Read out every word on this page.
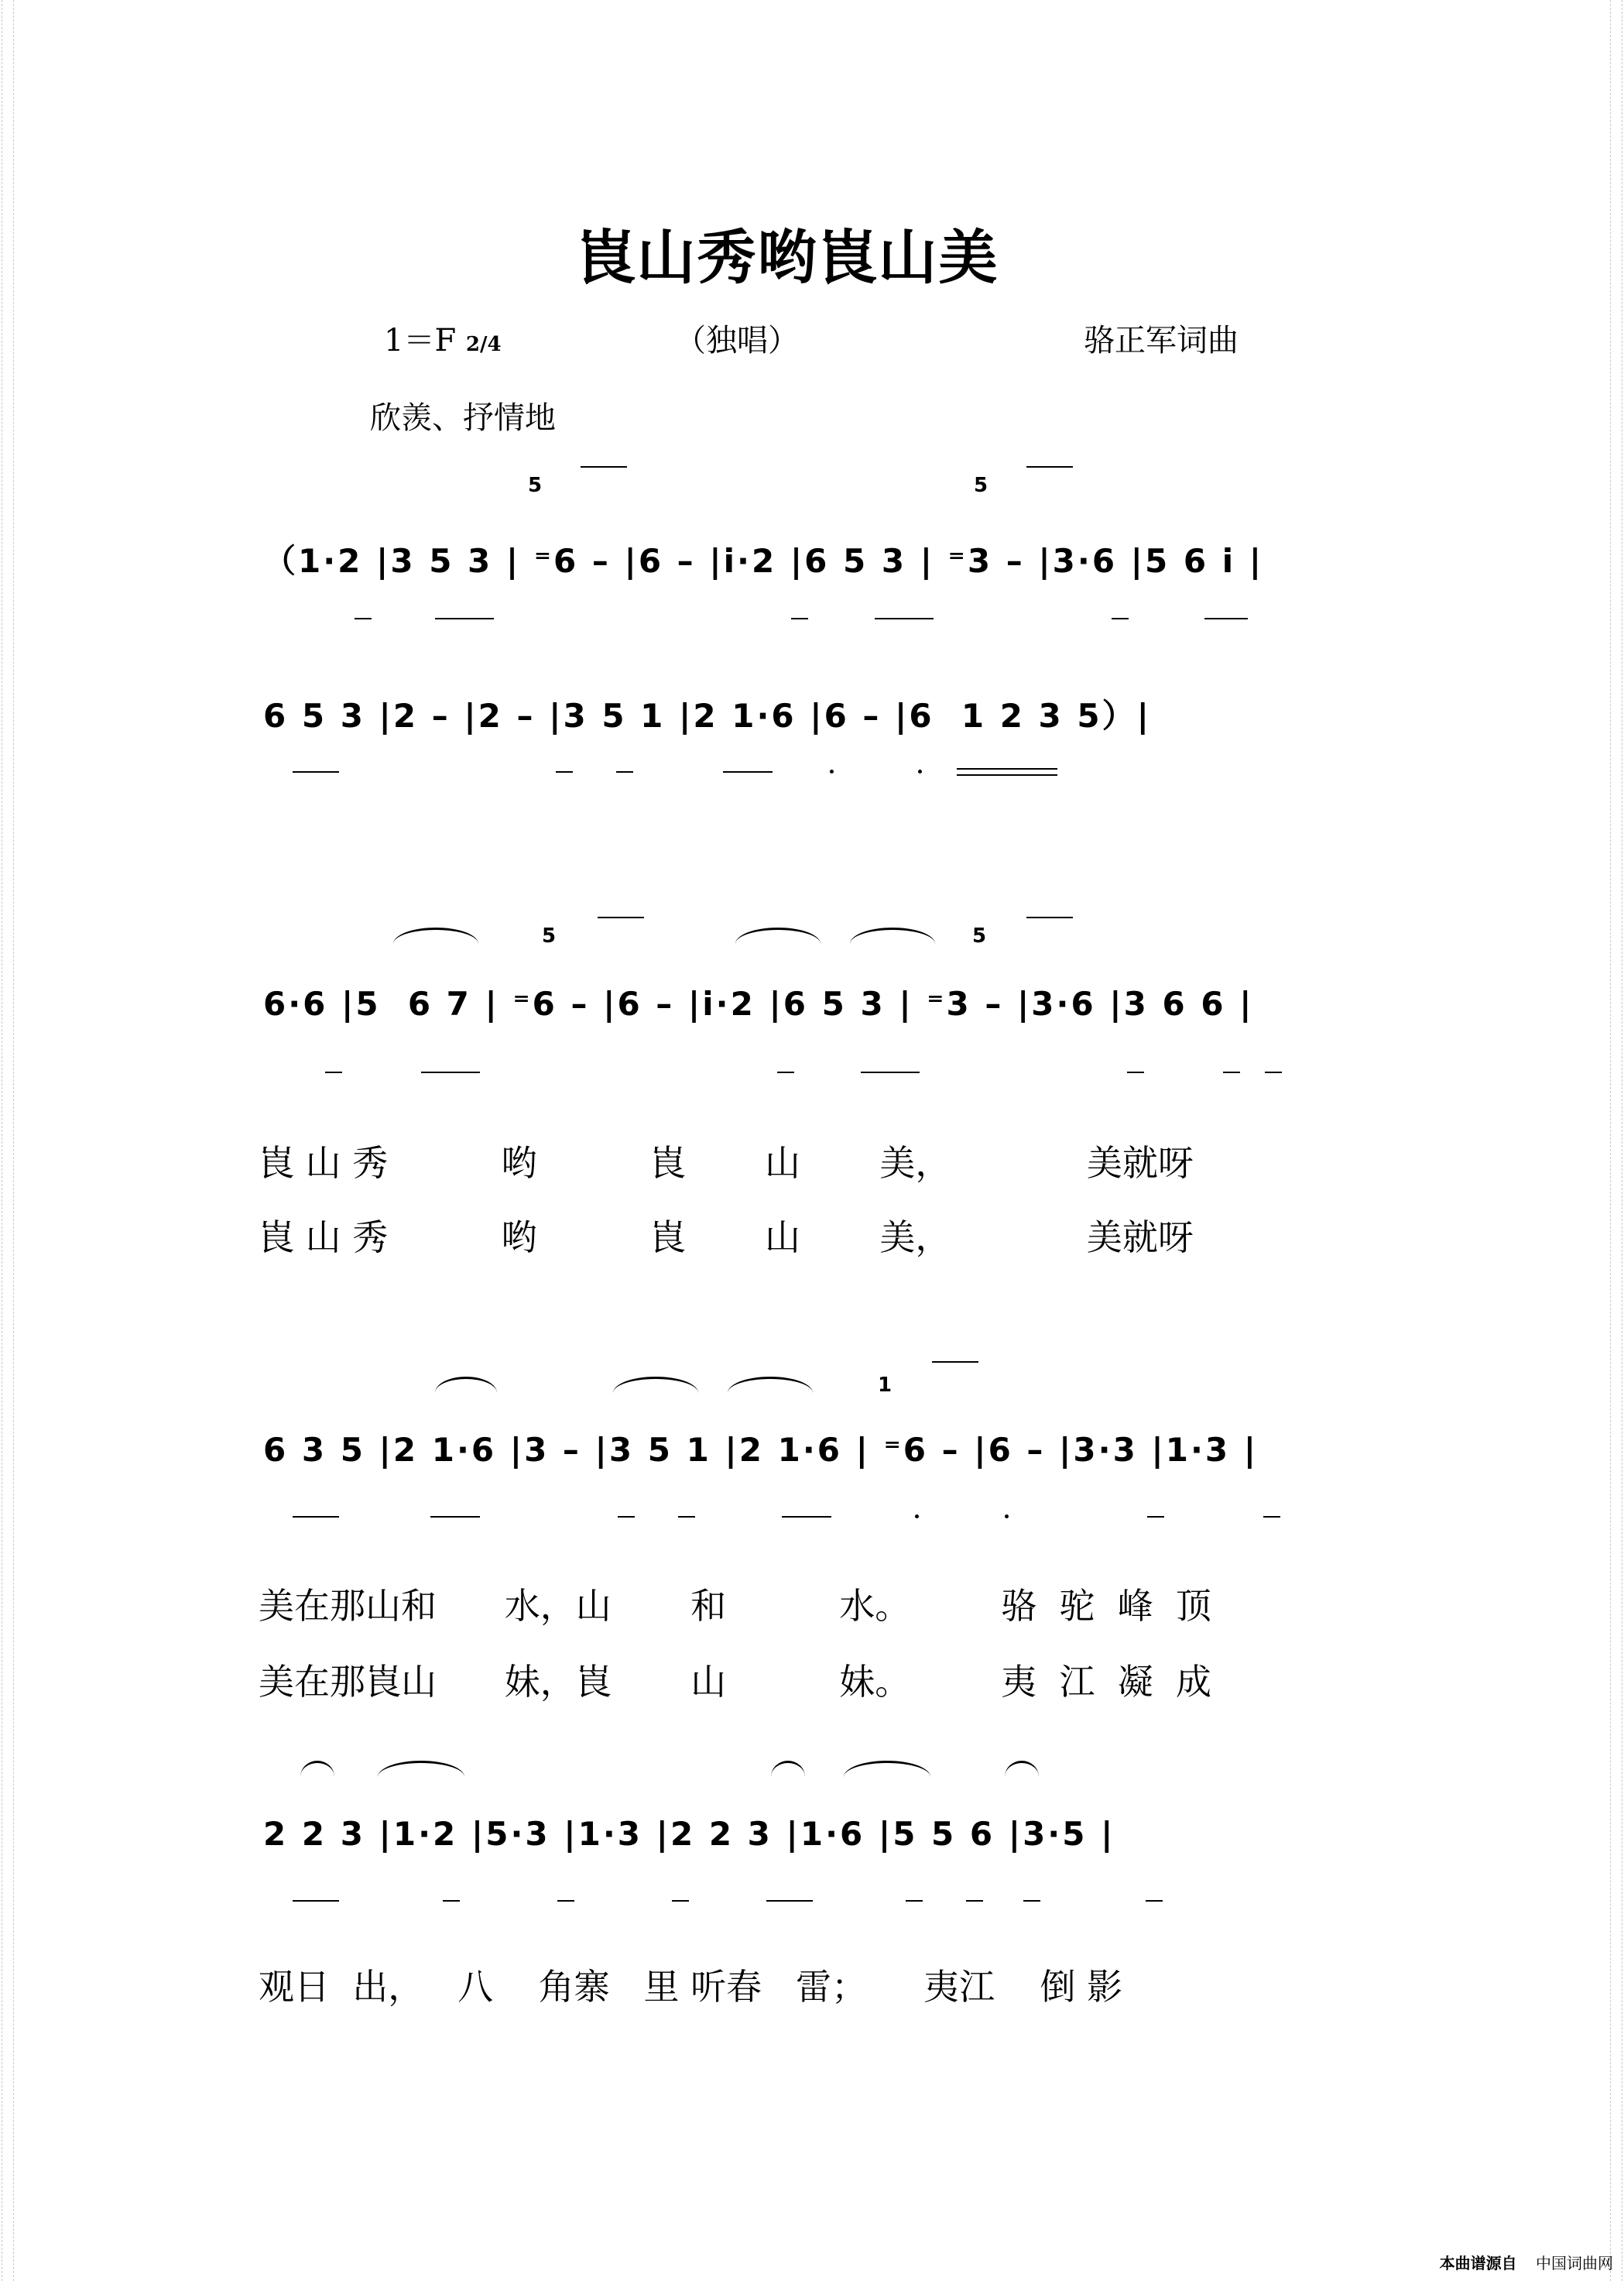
崀山秀哟崀山美
1＝F 2/4	（独唱）	骆正军词曲
欣羡、抒情地
5	5
（1·2 |3 5 3 | ⁼6 – |6 – |i·2 |6 5 3 | ⁼3 – |3·6 |5 6 i |
6 5 3 |2 – |2 – |3 5 1 |2 1·6 |6 – |6  1 2 3 5）|
5	5
6·6 |5  6 7 | ⁼6 – |6 – |i·2 |6 5 3 | ⁼3 – |3·6 |3 6 6 |
崀 山 秀          哟          崀       山       美，            美就呀
崀 山 秀          哟          崀       山       美，            美就呀
1
6 3 5 |2 1·6 |3 – |3 5 1 |2 1·6 | ⁼6 – |6 – |3·3 |1·3 |
美在那山和      水，山       和          水。        骆  驼  峰  顶
美在那崀山      妹，崀       山          妹。        夷  江  凝  成
2 2 3 |1·2 |5·3 |1·3 |2 2 3 |1·6 |5 5 6 |3·5 |
观日  出，   八    角寨   里 听春   雷；     夷江    倒 影
本曲谱源自 中国词曲网
